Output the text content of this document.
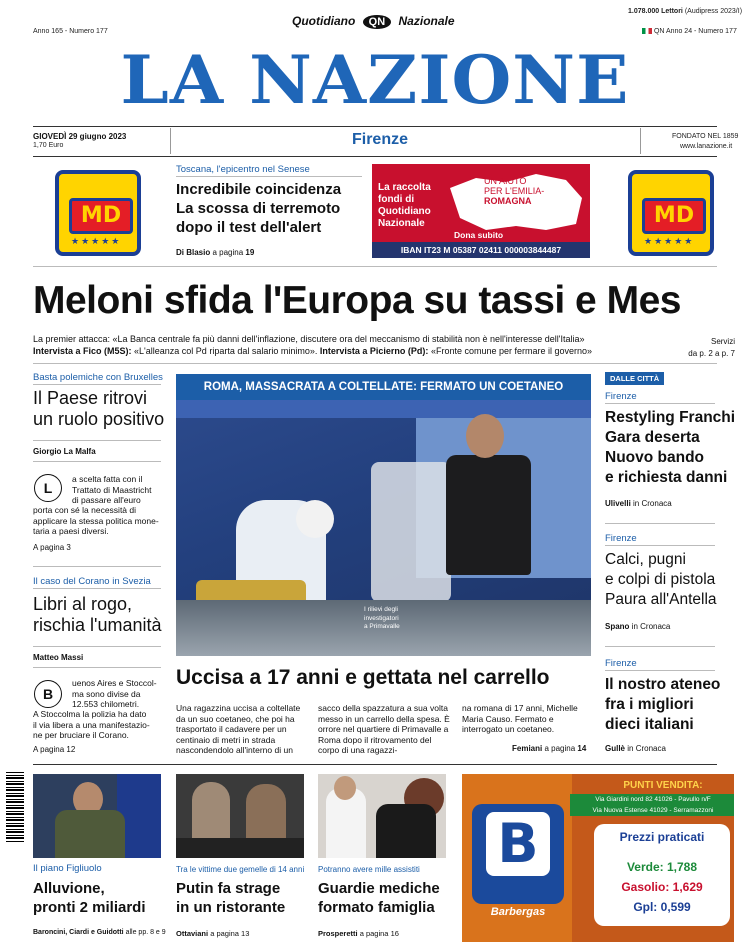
Quotidiano QN Nazionale
1.078.000 Lettori (Audipress 2023/I)
Anno 165 - Numero 177	QN Anno 24 - Numero 177
LA NAZIONE
GIOVEDÌ 29 giugno 2023
1,70 Euro	Firenze	FONDATO NEL 1859
www.lanazione.it
MD
★★★★★
MD
★★★★★
Toscana, l'epicentro nel Senese
Incredibile coincidenza
La scossa di terremoto
dopo il test dell'alert
Di Blasio a pagina 19
La raccolta
fondi di
Quotidiano
Nazionale
UN AIUTO
PER L'EMILIA-
ROMAGNA
Dona subito
IBAN IT23 M 05387 02411 000003844487
Meloni sfida l'Europa su tassi e Mes
La premier attacca: «La Banca centrale fa più danni dell'inflazione, discutere ora del meccanismo di stabilità non è nell'interesse dell'Italia»
Intervista a Fico (M5S): «L'alleanza col Pd riparta dal salario minimo». Intervista a Picierno (Pd): «Fronte comune per fermare il governo»
Servizi
da p. 2 a p. 7
Basta polemiche con Bruxelles
Il Paese ritrovi
un ruolo positivo
Giorgio La Malfa
L
a scelta fatta con il
Trattato di Maastricht
di passare all'euro
porta con sé la necessità di
applicare la stessa politica mone-
taria a paesi diversi.
A pagina 3
Il caso del Corano in Svezia
Libri al rogo,
rischia l'umanità
Matteo Massi
B
uenos Aires e Stoccol-
ma sono divise da
12.553 chilometri.
A Stoccolma la polizia ha dato
il via libera a una manifestazio-
ne per bruciare il Corano.
A pagina 12
ROMA, MASSACRATA A COLTELLATE: FERMATO UN COETANEO
I rilievi degli
investigatori
a Primavalle
Uccisa a 17 anni e gettata nel carrello
Una ragazzina uccisa a coltellate da un suo coetaneo, che poi ha trasportato il cadavere per un centinaio di metri in strada nascondendolo all'interno di un
sacco della spazzatura a sua volta messo in un carrello della spesa. È orrore nel quartiere di Primavalle a Roma dopo il ritrovamento del corpo di una ragazzi-
na romana di 17 anni, Michelle Maria Causo. Fermato e interrogato un coetaneo.
Femiani a pagina 14
DALLE CITTÀ
Firenze
Restyling Franchi
Gara deserta
Nuovo bando
e richiesta danni
Ulivelli in Cronaca
Firenze
Calci, pugni
e colpi di pistola
Paura all'Antella
Spano in Cronaca
Firenze
Il nostro ateneo
fra i migliori
dieci italiani
Gullè in Cronaca
Il piano Figliuolo
Alluvione,
pronti 2 miliardi
Baroncini, Ciardi e Guidotti alle pp. 8 e 9
Tra le vittime due gemelle di 14 anni
Putin fa strage
in un ristorante
Ottaviani a pagina 13
Potranno avere mille assistiti
Guardie mediche
formato famiglia
Prosperetti a pagina 16
PUNTI VENDITA:
Via Giardini nord 82 41026 - Pavullo n/F
Via Nuova Estense 41029 - Serramazzoni
B
Barbergas
Prezzi praticati
Verde: 1,788
Gasolio: 1,629
Gpl: 0,599
